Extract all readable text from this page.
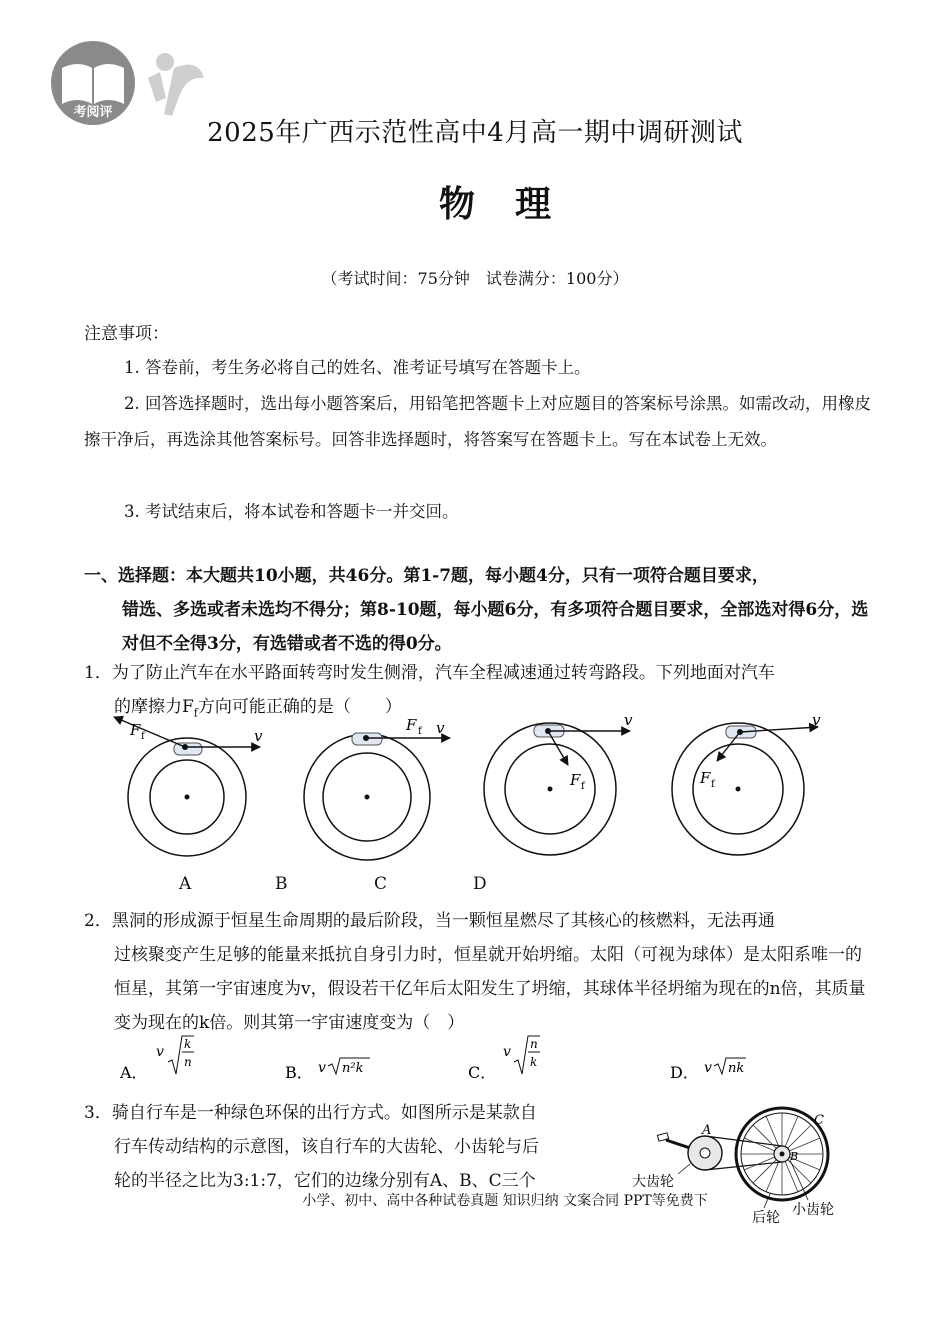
考阅评
2025年广西示范性高中4月高一期中调研测试
物理
（考试时间：75分钟　试卷满分：100分）
注意事项：
1. 答卷前，考生务必将自己的姓名、准考证号填写在答题卡上。
2. 回答选择题时，选出每小题答案后，用铅笔把答题卡上对应题目的答案标号涂黑。如需改动，用橡皮擦干净后，再选涂其他答案标号。回答非选择题时，将答案写在答题卡上。写在本试卷上无效。
3. 考试结束后，将本试卷和答题卡一并交回。
一、选择题：本大题共10小题，共46分。第1-7题，每小题4分，只有一项符合题目要求，
错选、多选或者未选均不得分；第8-10题，每小题6分，有多项符合题目要求，全部选对得6分，选对但不全得3分，有选错或者不选的得0分。
1．为了防止汽车在水平路面转弯时发生侧滑，汽车全程减速通过转弯路段。下列地面对汽车
的摩擦力$F_f$方向可能正确的是（　　）
F f	v
F f v
F f
v
F f
v
A	B	C	D
2．黑洞的形成源于恒星生命周期的最后阶段，当一颗恒星燃尽了其核心的核燃料，无法再通
过核聚变产生足够的能量来抵抗自身引力时，恒星就开始坍缩。太阳（可视为球体）是太阳系唯一的恒星，其第一宇宙速度为v，假设若干亿年后太阳发生了坍缩，其球体半径坍缩为现在的n倍，其质量变为现在的k倍。则其第一宇宙速度变为（　）
A．
v k
n
B． v n²k	C．
v n
k
D． v nk
3．骑自行车是一种绿色环保的出行方式。如图所示是某款自
行车传动结构的示意图，该自行车的大齿轮、小齿轮与后
轮的半径之比为3:1:7，它们的边缘分别有A、B、C三个
A
B
C
大齿轮
后轮 小齿轮
小学、初中、高中各种试卷真题 知识归纳 文案合同 PPT等免费下
